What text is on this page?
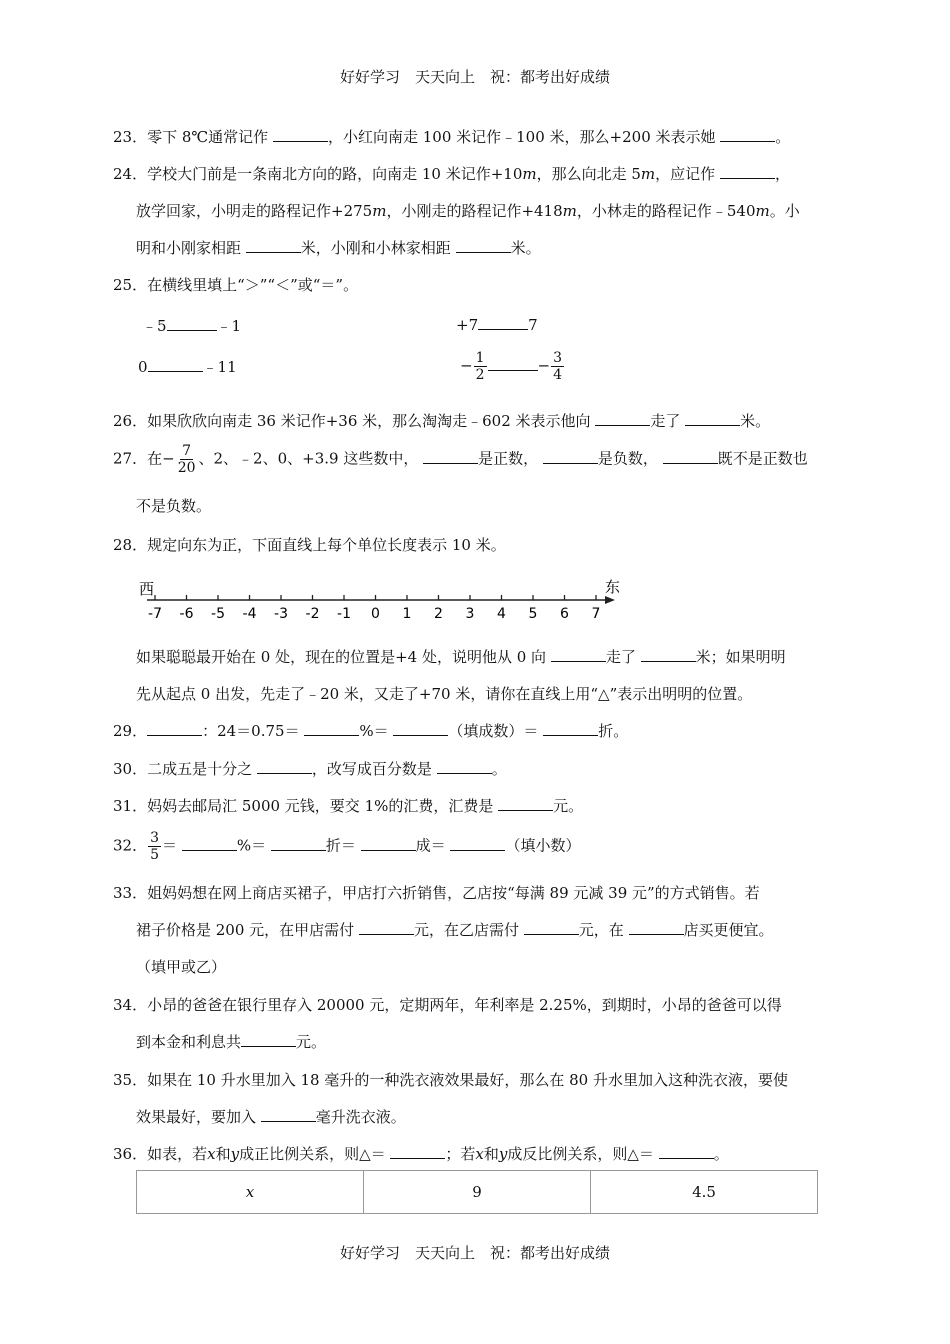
好好学习　天天向上　祝：都考出好成绩
23．零下 8℃通常记作	，小红向南走 100 米记作﹣100 米，那么+200 米表示她	。
24．学校大门前是一条南北方向的路，向南走 10 米记作+10m，那么向北走 5m，应记作	，
放学回家，小明走的路程记作+275m，小刚走的路程记作+418m，小林走的路程记作﹣540m。小
明和小刚家相距	米，小刚和小林家相距	米。
25．在横线里填上“＞”“＜”或“＝”。
﹣5	﹣1	+7	7
0	﹣11	− $\frac{1}{2}$	− $\frac{3}{4}$
26．如果欣欣向南走 36 米记作+36 米，那么淘淘走﹣602 米表示他向	走了	米。
27．在− $\frac{7}{20}$ 、2、﹣2、0、+3.9 这些数中，	是正数，	是负数，	既不是正数也
不是负数。
28．规定向东为正，下面直线上每个单位长度表示 10 米。
西	东
-7 -6 -5 -4 -3 -2 -1 0 1 2 3 4 5 6 7
如果聪聪最开始在 0 处，现在的位置是+4 处，说明他从 0 向	走了	米；如果明明
先从起点 0 出发，先走了﹣20 米，又走了+70 米，请你在直线上用“△”表示出明明的位置。
29．	：24＝0.75＝	%＝	（填成数）＝	折。
30．二成五是十分之	，改写成百分数是	。
31．妈妈去邮局汇 5000 元钱，要交 1%的汇费，汇费是	元。
32． $\frac{3}{5}$ ＝	%＝	折＝	成＝	（填小数）
33．姐妈妈想在网上商店买裙子，甲店打六折销售，乙店按“每满 89 元减 39 元”的方式销售。若
裙子价格是 200 元，在甲店需付	元，在乙店需付	元，在	店买更便宜。
（填甲或乙）
34．小昂的爸爸在银行里存入 20000 元，定期两年，年利率是 2.25%，到期时，小昂的爸爸可以得
到本金和利息共	元。
35．如果在 10 升水里加入 18 毫升的一种洗衣液效果最好，那么在 80 升水里加入这种洗衣液，要使
效果最好，要加入	毫升洗衣液。
36．如表，若x和y成正比例关系，则△＝	；若x和y成反比例关系，则△＝	。
x	9	4.5
好好学习　天天向上　祝：都考出好成绩
